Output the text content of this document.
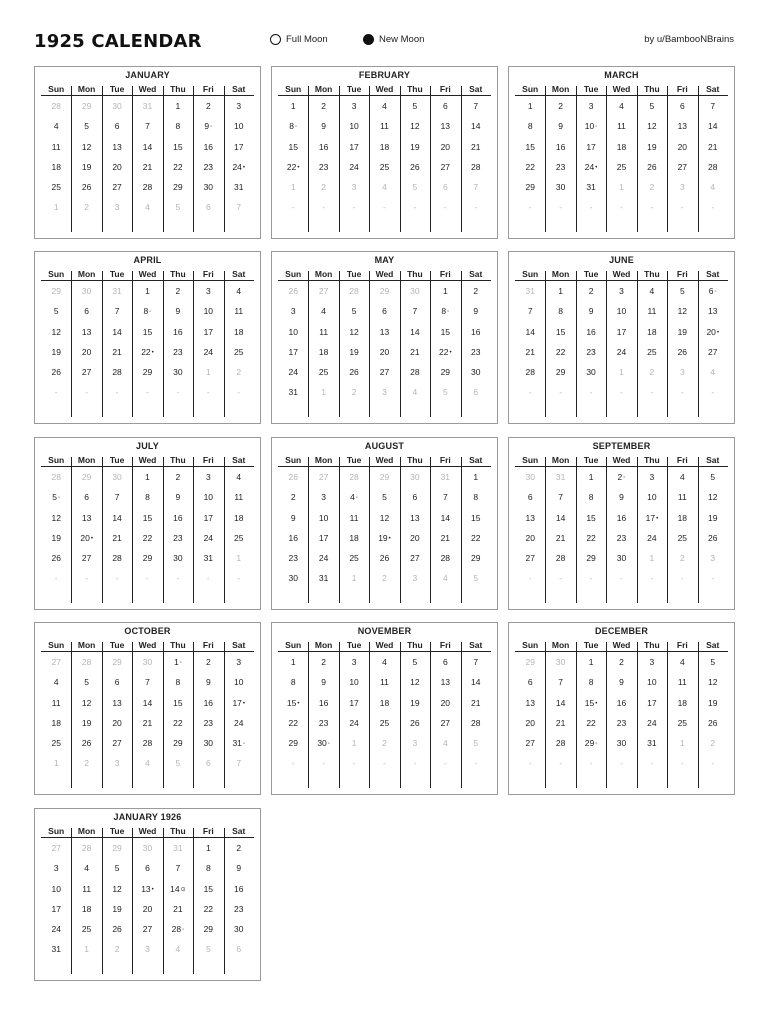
1925 CALENDAR	Full Moon	New Moon	by u/BambooNBrains
JANUARY
Sun	Mon	Tue	Wed	Thu	Fri	Sat
28	29	30	31	1	2	3
4	5	6	7	8	9◦	10
11	12	13	14	15	16	17
18	19	20	21	22	23	24•
25	26	27	28	29	30	31
1	2	3	4	5	6	7
FEBRUARY
Sun	Mon	Tue	Wed	Thu	Fri	Sat
1	2	3	4	5	6	7
8◦	9	10	11	12	13	14
15	16	17	18	19	20	21
22•	23	24	25	26	27	28
1	2	3	4	5	6	7
-	-	-	-	-	-	-
MARCH
Sun	Mon	Tue	Wed	Thu	Fri	Sat
1	2	3	4	5	6	7
8	9	10◦	11	12	13	14
15	16	17	18	19	20	21
22	23	24•	25	26	27	28
29	30	31	1	2	3	4
-	-	-	-	-	-	-
APRIL
Sun	Mon	Tue	Wed	Thu	Fri	Sat
29	30	31	1	2	3	4
5	6	7	8◦	9	10	11
12	13	14	15	16	17	18
19	20	21	22•	23	24	25
26	27	28	29	30	1	2
-	-	-	-	-	-	-
MAY
Sun	Mon	Tue	Wed	Thu	Fri	Sat
26	27	28	29	30	1	2
3	4	5	6	7	8◦	9
10	11	12	13	14	15	16
17	18	19	20	21	22•	23
24	25	26	27	28	29	30
31	1	2	3	4	5	6
JUNE
Sun	Mon	Tue	Wed	Thu	Fri	Sat
31	1	2	3	4	5	6◦
7	8	9	10	11	12	13
14	15	16	17	18	19	20•
21	22	23	24	25	26	27
28	29	30	1	2	3	4
-	-	-	-	-	-	-
JULY
Sun	Mon	Tue	Wed	Thu	Fri	Sat
28	29	30	1	2	3	4
5◦	6	7	8	9	10	11
12	13	14	15	16	17	18
19	20•	21	22	23	24	25
26	27	28	29	30	31	1
-	-	-	-	-	-	-
AUGUST
Sun	Mon	Tue	Wed	Thu	Fri	Sat
26	27	28	29	30	31	1
2	3	4◦	5	6	7	8
9	10	11	12	13	14	15
16	17	18	19•	20	21	22
23	24	25	26	27	28	29
30	31	1	2	3	4	5
SEPTEMBER
Sun	Mon	Tue	Wed	Thu	Fri	Sat
30	31	1	2◦	3	4	5
6	7	8	9	10	11	12
13	14	15	16	17•	18	19
20	21	22	23	24	25	26
27	28	29	30	1	2	3
-	-	-	-	-	-	-
OCTOBER
Sun	Mon	Tue	Wed	Thu	Fri	Sat
27	28	29	30	1◦	2	3
4	5	6	7	8	9	10
11	12	13	14	15	16	17•
18	19	20	21	22	23	24
25	26	27	28	29	30	31◦
1	2	3	4	5	6	7
NOVEMBER
Sun	Mon	Tue	Wed	Thu	Fri	Sat
1	2	3	4	5	6	7
8	9	10	11	12	13	14
15•	16	17	18	19	20	21
22	23	24	25	26	27	28
29	30◦	1	2	3	4	5
-	-	-	-	-	-	-
DECEMBER
Sun	Mon	Tue	Wed	Thu	Fri	Sat
29	30	1	2	3	4	5
6	7	8	9	10	11	12
13	14	15•	16	17	18	19
20	21	22	23	24	25	26
27	28	29◦	30	31	1	2
-	-	-	-	-	-	-
JANUARY 1926
Sun	Mon	Tue	Wed	Thu	Fri	Sat
27	28	29	30	31	1	2
3	4	5	6	7	8	9
10	11	12	13•	14⊙	15	16
17	18	19	20	21	22	23
24	25	26	27	28◦	29	30
31	1	2	3	4	5	6
